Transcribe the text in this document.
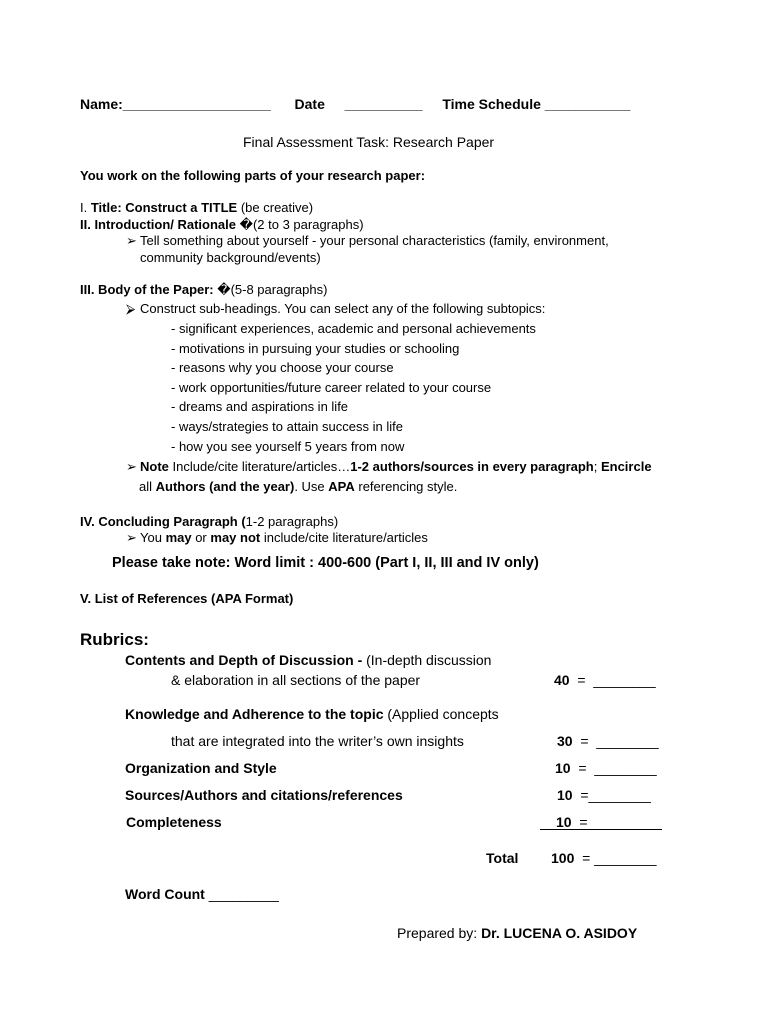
Name:___________________ Date __________ Time Schedule ___________
Final Assessment Task: Research Paper
You work on the following parts of your research paper:
I. Title: Construct a TITLE (be creative)
II. Introduction/ Rationale �(2 to 3 paragraphs)
➢ Tell something about yourself - your personal characteristics (family, environment,
community background/events)
III. Body of the Paper: �(5-8 paragraphs)
⮚ Construct sub-headings. You can select any of the following subtopics:
- significant experiences, academic and personal achievements
- motivations in pursuing your studies or schooling
- reasons why you choose your course
- work opportunities/future career related to your course
- dreams and aspirations in life
- ways/strategies to attain success in life
- how you see yourself 5 years from now
➢ Note Include/cite literature/articles…1-2 authors/sources in every paragraph; Encircle
all Authors (and the year). Use APA referencing style.
IV. Concluding Paragraph (1-2 paragraphs)
➢ You may or may not include/cite literature/articles
Please take note: Word limit : 400-600 (Part I, II, III and IV only)
V. List of References (APA Format)
Rubrics:
Contents and Depth of Discussion - (In-depth discussion
& elaboration in all sections of the paper	40 = ________
Knowledge and Adherence to the topic (Applied concepts
that are integrated into the writer’s own insights	30 = ________
Organization and Style	10 = ________
Sources/Authors and citations/references	10 =________
Completeness	10 =
Total 100 = ________
Word Count _________
Prepared by: Dr. LUCENA O. ASIDOY
